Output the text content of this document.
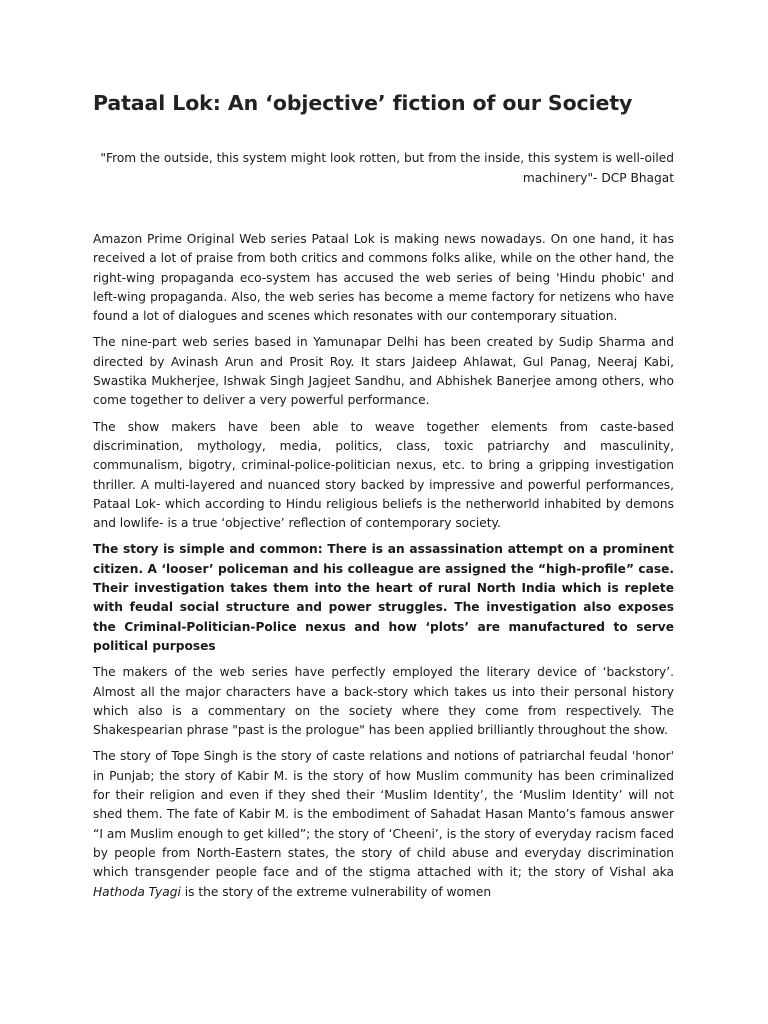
Pataal Lok: An ‘objective’ fiction of our Society

"From the outside, this system might look rotten, but from the inside, this system is well-oiled machinery"- DCP Bhagat

Amazon Prime Original Web series Pataal Lok is making news nowadays. On one hand, it has received a lot of praise from both critics and commons folks alike, while on the other hand, the right-wing propaganda eco-system has accused the web series of being 'Hindu phobic' and left-wing propaganda. Also, the web series has become a meme factory for netizens who have found a lot of dialogues and scenes which resonates with our contemporary situation.

The nine-part web series based in Yamunapar Delhi has been created by Sudip Sharma and directed by Avinash Arun and Prosit Roy. It stars Jaideep Ahlawat, Gul Panag, Neeraj Kabi, Swastika Mukherjee, Ishwak Singh Jagjeet Sandhu, and Abhishek Banerjee among others, who come together to deliver a very powerful performance.

The show makers have been able to weave together elements from caste-based discrimination, mythology, media, politics, class, toxic patriarchy and masculinity, communalism, bigotry, criminal-police-politician nexus, etc. to bring a gripping investigation thriller. A multi-layered and nuanced story backed by impressive and powerful performances, Pataal Lok- which according to Hindu religious beliefs is the netherworld inhabited by demons and lowlife- is a true ‘objective’ reflection of contemporary society.

The story is simple and common: There is an assassination attempt on a prominent citizen. A ‘looser’ policeman and his colleague are assigned the “high-profile” case. Their investigation takes them into the heart of rural North India which is replete with feudal social structure and power struggles. The investigation also exposes the Criminal-Politician-Police nexus and how ‘plots’ are manufactured to serve political purposes

The makers of the web series have perfectly employed the literary device of ‘backstory’. Almost all the major characters have a back-story which takes us into their personal history which also is a commentary on the society where they come from respectively. The Shakespearian phrase "past is the prologue" has been applied brilliantly throughout the show.

The story of Tope Singh is the story of caste relations and notions of patriarchal feudal 'honor' in Punjab; the story of Kabir M. is the story of how Muslim community has been criminalized for their religion and even if they shed their ‘Muslim Identity’, the ‘Muslim Identity’ will not shed them. The fate of Kabir M. is the embodiment of Sahadat Hasan Manto’s famous answer “I am Muslim enough to get killed”; the story of ‘Cheeni’, is the story of everyday racism faced by people from North-Eastern states, the story of child abuse and everyday discrimination which transgender people face and of the stigma attached with it; the story of Vishal aka Hathoda Tyagi is the story of the extreme vulnerability of women
